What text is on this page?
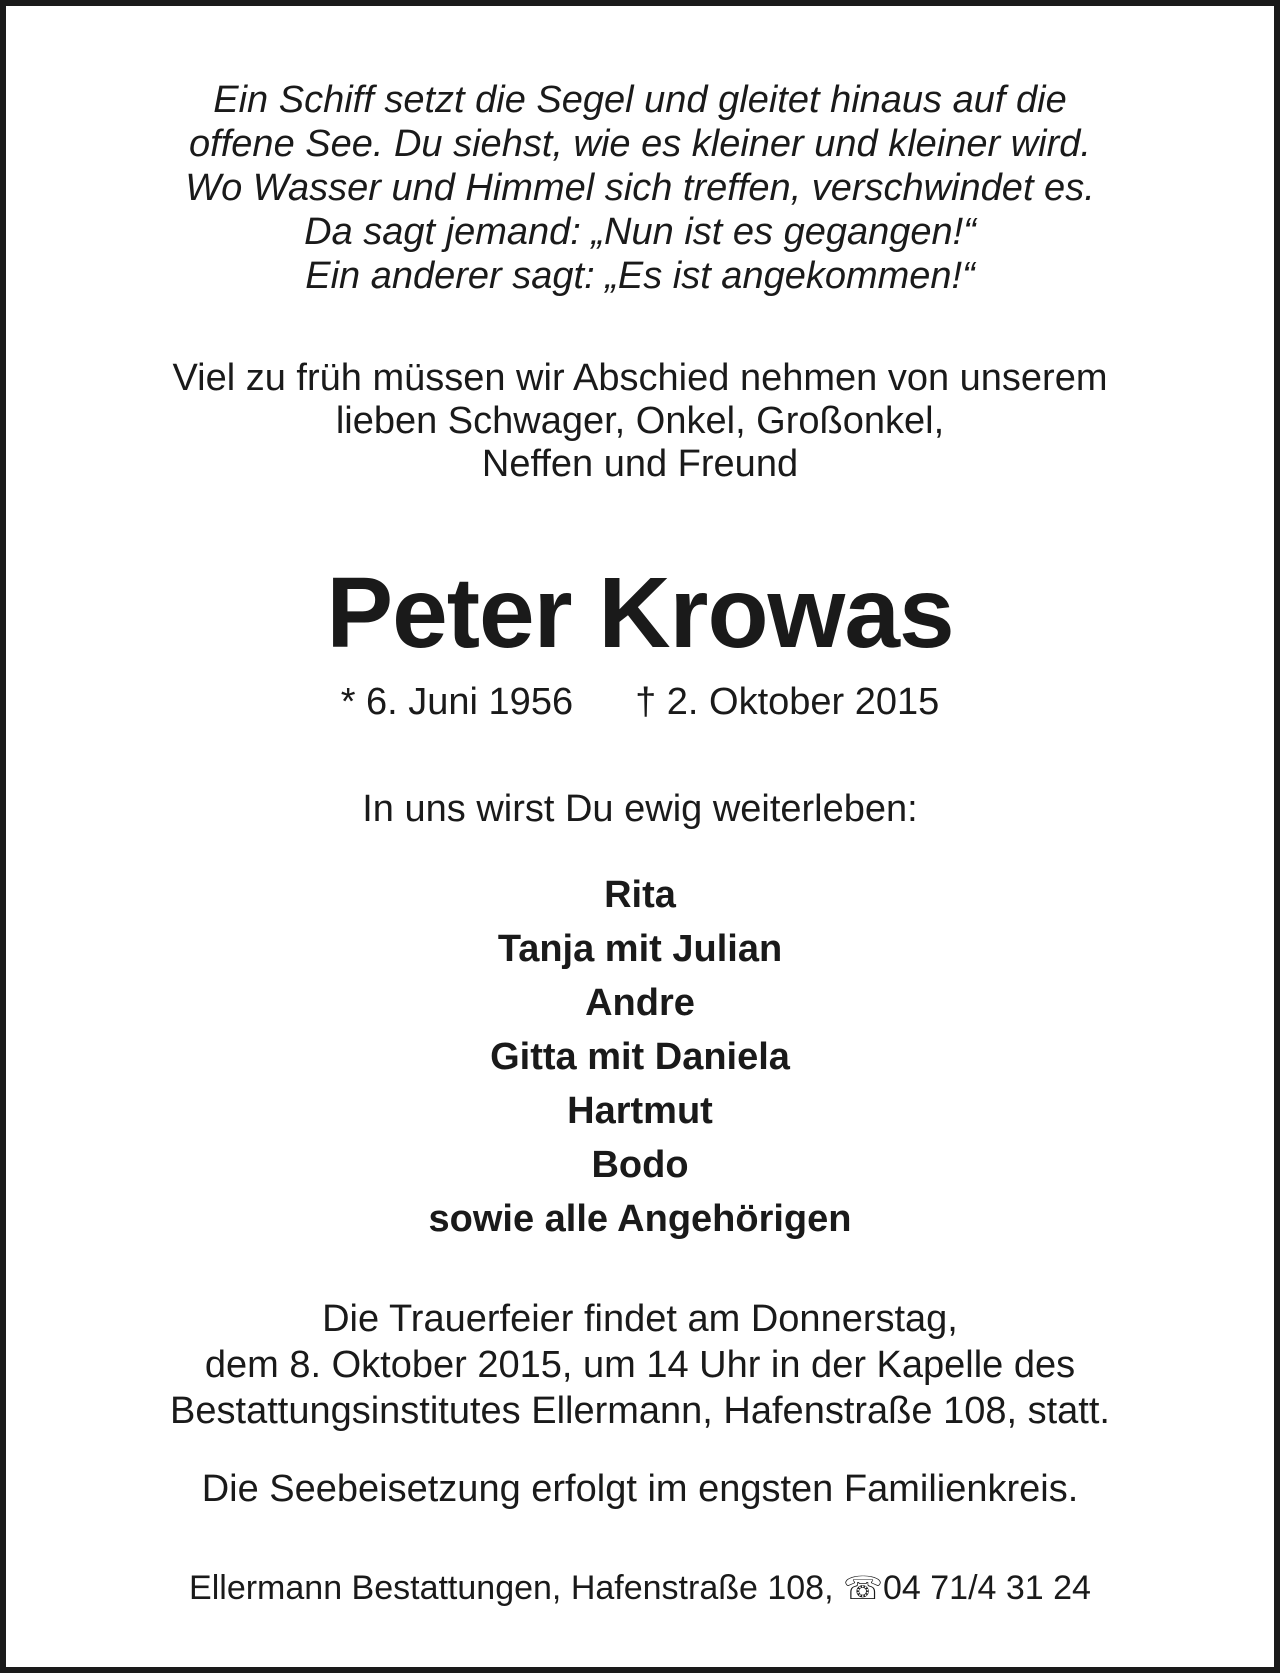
Ein Schiff setzt die Segel und gleitet hinaus auf die
offene See. Du siehst, wie es kleiner und kleiner wird.
Wo Wasser und Himmel sich treffen, verschwindet es.
Da sagt jemand: „Nun ist es gegangen!“
Ein anderer sagt: „Es ist angekommen!“
Viel zu früh müssen wir Abschied nehmen von unserem
lieben Schwager, Onkel, Großonkel,
Neffen und Freund
Peter Krowas
* 6. Juni 1956 † 2. Oktober 2015
In uns wirst Du ewig weiterleben:
Rita
Tanja mit Julian
Andre
Gitta mit Daniela
Hartmut
Bodo
sowie alle Angehörigen
Die Trauerfeier findet am Donnerstag,
dem 8. Oktober 2015, um 14 Uhr in der Kapelle des
Bestattungsinstitutes Ellermann, Hafenstraße 108, statt.
Die Seebeisetzung erfolgt im engsten Familienkreis.
Ellermann Bestattungen, Hafenstraße 108, ☏04 71/4 31 24
